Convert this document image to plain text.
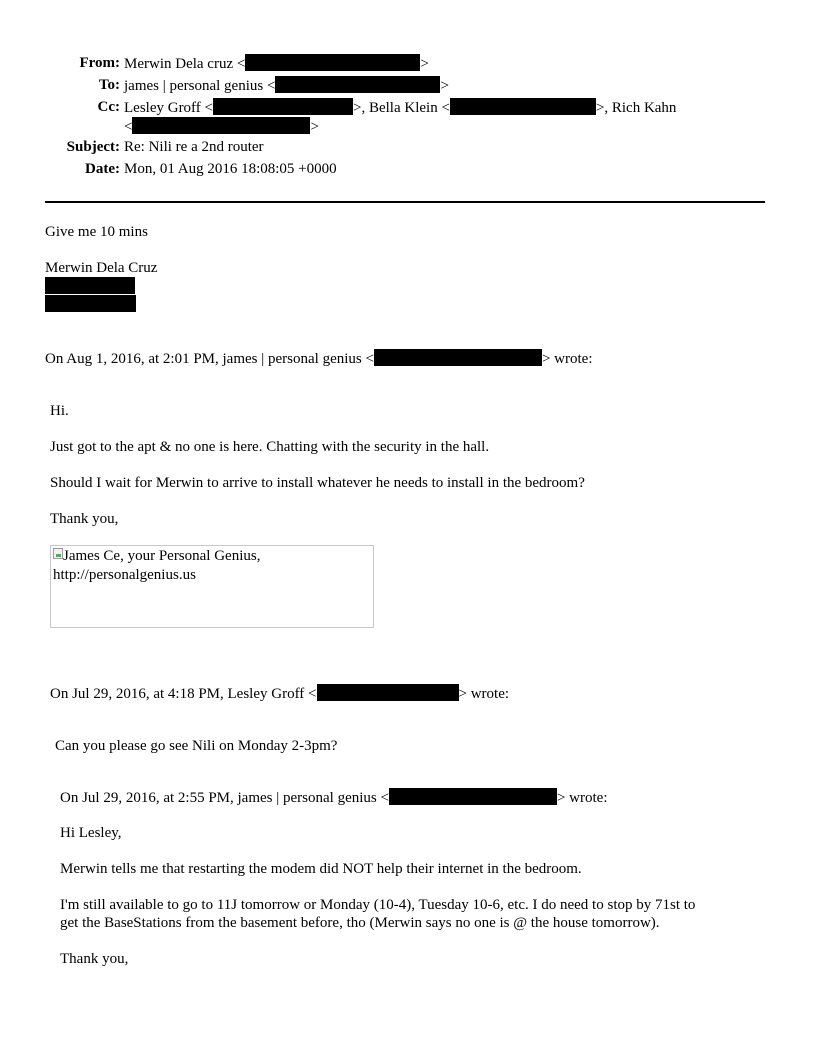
From: Merwin Dela cruz <	>
To: james | personal genius <	>
Cc: Lesley Groff <	>, Bella Klein <	>, Rich Kahn
<	>
Subject: Re: Nili re a 2nd router
Date: Mon, 01 Aug 2016 18:08:05 +0000
Give me 10 mins
Merwin Dela Cruz
On Aug 1, 2016, at 2:01 PM, james | personal genius <	> wrote:
Hi.
Just got to the apt & no one is here. Chatting with the security in the hall.
Should I wait for Merwin to arrive to install whatever he needs to install in the bedroom?
Thank you,
James Ce, your Personal Genius, http://personalgenius.us
On Jul 29, 2016, at 4:18 PM, Lesley Groff <	> wrote:
Can you please go see Nili on Monday 2-3pm?
On Jul 29, 2016, at 2:55 PM, james | personal genius <	> wrote:
Hi Lesley,
Merwin tells me that restarting the modem did NOT help their internet in the bedroom.
I'm still available to go to 11J tomorrow or Monday (10-4), Tuesday 10-6, etc. I do need to stop by 71st to
get the BaseStations from the basement before, tho (Merwin says no one is @ the house tomorrow).
Thank you,
